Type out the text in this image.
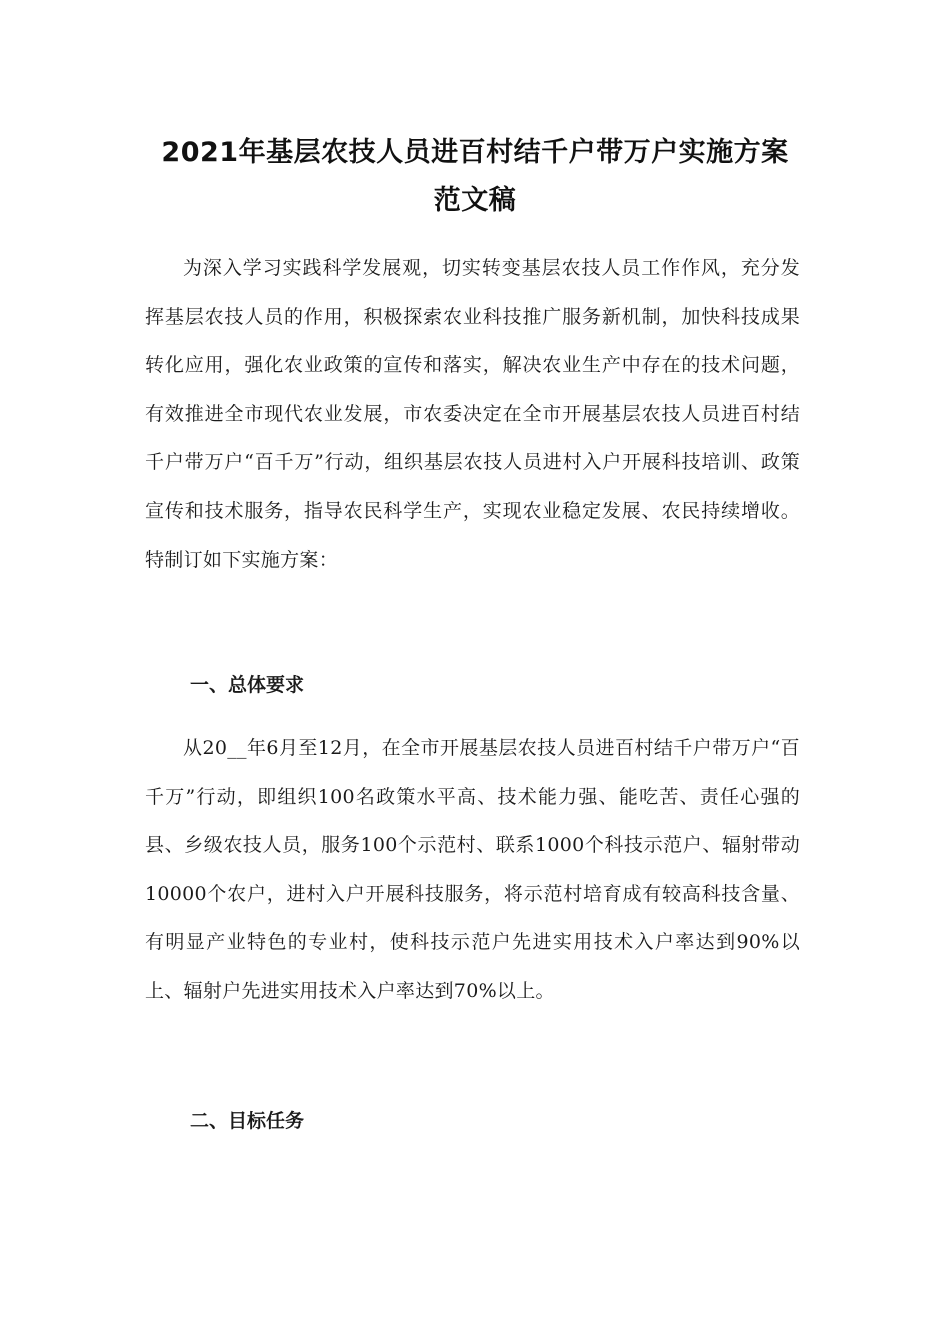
2021年基层农技人员进百村结千户带万户实施方案
范文稿

为深入学习实践科学发展观，切实转变基层农技人员工作作风，充分发挥基层农技人员的作用，积极探索农业科技推广服务新机制，加快科技成果转化应用，强化农业政策的宣传和落实，解决农业生产中存在的技术问题，有效推进全市现代农业发展，市农委决定在全市开展基层农技人员进百村结千户带万户“百千万”行动，组织基层农技人员进村入户开展科技培训、政策宣传和技术服务，指导农民科学生产，实现农业稳定发展、农民持续增收。特制订如下实施方案：

一、总体要求

从20__年6月至12月，在全市开展基层农技人员进百村结千户带万户“百千万”行动，即组织100名政策水平高、技术能力强、能吃苦、责任心强的县、乡级农技人员，服务100个示范村、联系1000个科技示范户、辐射带动10000个农户，进村入户开展科技服务，将示范村培育成有较高科技含量、有明显产业特色的专业村，使科技示范户先进实用技术入户率达到90%以上、辐射户先进实用技术入户率达到70%以上。

二、目标任务
